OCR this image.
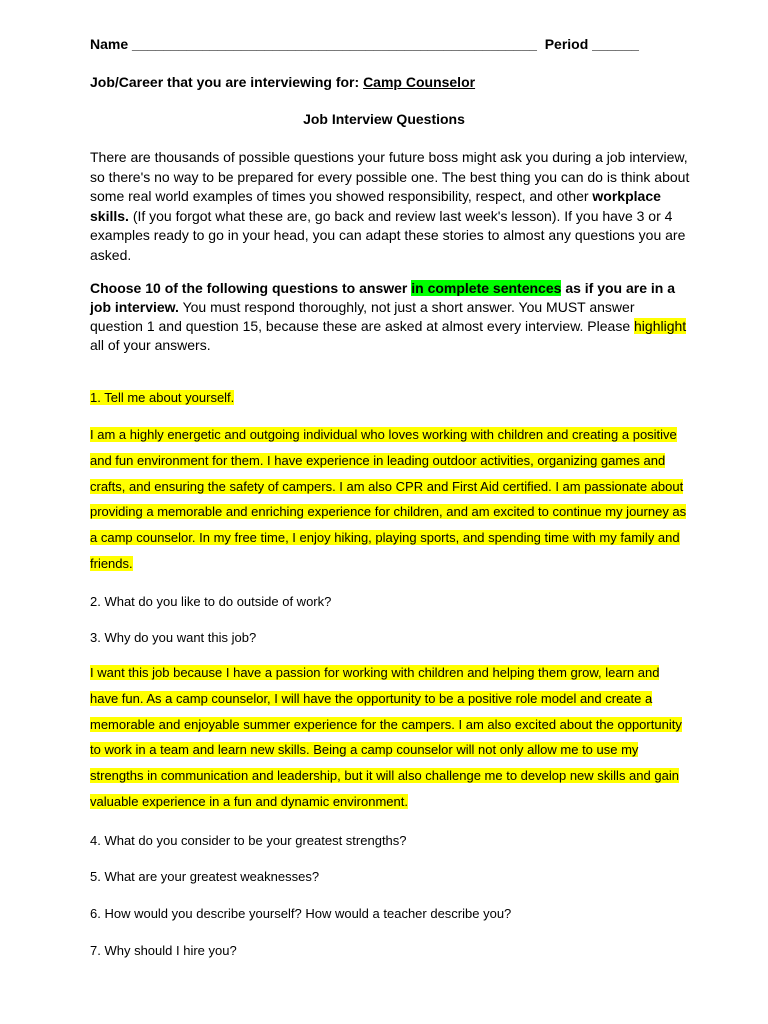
Name ____________________________________________________ Period ______
Job/Career that you are interviewing for: Camp Counselor
Job Interview Questions

There are thousands of possible questions your future boss might ask you during a job interview, so there's no way to be prepared for every possible one. The best thing you can do is think about some real world examples of times you showed responsibility, respect, and other workplace skills. (If you forgot what these are, go back and review last week's lesson). If you have 3 or 4 examples ready to go in your head, you can adapt these stories to almost any questions you are asked.

Choose 10 of the following questions to answer in complete sentences as if you are in a job interview. You must respond thoroughly, not just a short answer. You MUST answer question 1 and question 15, because these are asked at almost every interview. Please highlight all of your answers.

1. Tell me about yourself.

I am a highly energetic and outgoing individual who loves working with children and creating a positive and fun environment for them. I have experience in leading outdoor activities, organizing games and crafts, and ensuring the safety of campers. I am also CPR and First Aid certified. I am passionate about providing a memorable and enriching experience for children, and am excited to continue my journey as a camp counselor. In my free time, I enjoy hiking, playing sports, and spending time with my family and friends.

2. What do you like to do outside of work?

3. Why do you want this job?

I want this job because I have a passion for working with children and helping them grow, learn and have fun. As a camp counselor, I will have the opportunity to be a positive role model and create a memorable and enjoyable summer experience for the campers. I am also excited about the opportunity to work in a team and learn new skills. Being a camp counselor will not only allow me to use my strengths in communication and leadership, but it will also challenge me to develop new skills and gain valuable experience in a fun and dynamic environment.

4. What do you consider to be your greatest strengths?

5. What are your greatest weaknesses?

6. How would you describe yourself? How would a teacher describe you?

7. Why should I hire you?
